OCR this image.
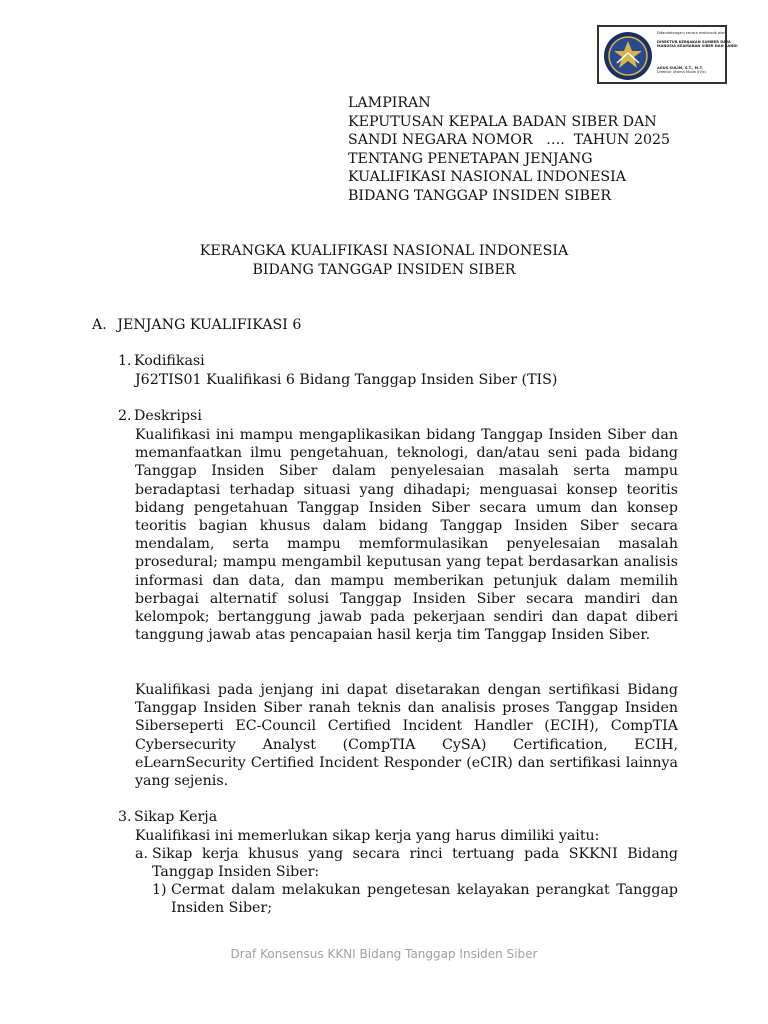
Ditandatangani secara elektronik oleh:
DIREKTUR KEBIJAKAN SUMBER DAYA
MANUSIA KEAMANAN SIBER DAN SANDI
AGUS SULIM, S.T., M.T.
Direktur Utama Muda (IV/c)
LAMPIRAN
KEPUTUSAN KEPALA BADAN SIBER DAN
SANDI NEGARA NOMOR   ….  TAHUN 2025
TENTANG PENETAPAN JENJANG
KUALIFIKASI NASIONAL INDONESIA
BIDANG TANGGAP INSIDEN SIBER
KERANGKA KUALIFIKASI NASIONAL INDONESIA
BIDANG TANGGAP INSIDEN SIBER
A. JENJANG KUALIFIKASI 6
1. Kodifikasi
J62TIS01 Kualifikasi 6 Bidang Tanggap Insiden Siber (TIS)
2. Deskripsi
Kualifikasi ini mampu mengaplikasikan bidang Tanggap Insiden Siber dan memanfaatkan ilmu pengetahuan, teknologi, dan/atau seni pada bidang Tanggap Insiden Siber dalam penyelesaian masalah serta mampu beradaptasi terhadap situasi yang dihadapi; menguasai konsep teoritis bidang pengetahuan Tanggap Insiden Siber secara umum dan konsep teoritis bagian khusus dalam bidang Tanggap Insiden Siber secara mendalam, serta mampu memformulasikan penyelesaian masalah prosedural; mampu mengambil keputusan yang tepat berdasarkan analisis informasi dan data, dan mampu memberikan petunjuk dalam memilih berbagai alternatif solusi Tanggap Insiden Siber secara mandiri dan kelompok; bertanggung jawab pada pekerjaan sendiri dan dapat diberi tanggung jawab atas pencapaian hasil kerja tim Tanggap Insiden Siber.
Kualifikasi pada jenjang ini dapat disetarakan dengan sertifikasi Bidang Tanggap Insiden Siber ranah teknis dan analisis proses Tanggap Insiden Siberseperti EC-Council Certified Incident Handler (ECIH), CompTIA Cybersecurity Analyst (CompTIA CySA) Certification, ECIH, eLearnSecurity Certified Incident Responder (eCIR) dan sertifikasi lainnya yang sejenis.
3. Sikap Kerja
Kualifikasi ini memerlukan sikap kerja yang harus dimiliki yaitu:
a. Sikap kerja khusus yang secara rinci tertuang pada SKKNI Bidang Tanggap Insiden Siber:
1) Cermat dalam melakukan pengetesan kelayakan perangkat Tanggap Insiden Siber;
Draf Konsensus KKNI Bidang Tanggap Insiden Siber
